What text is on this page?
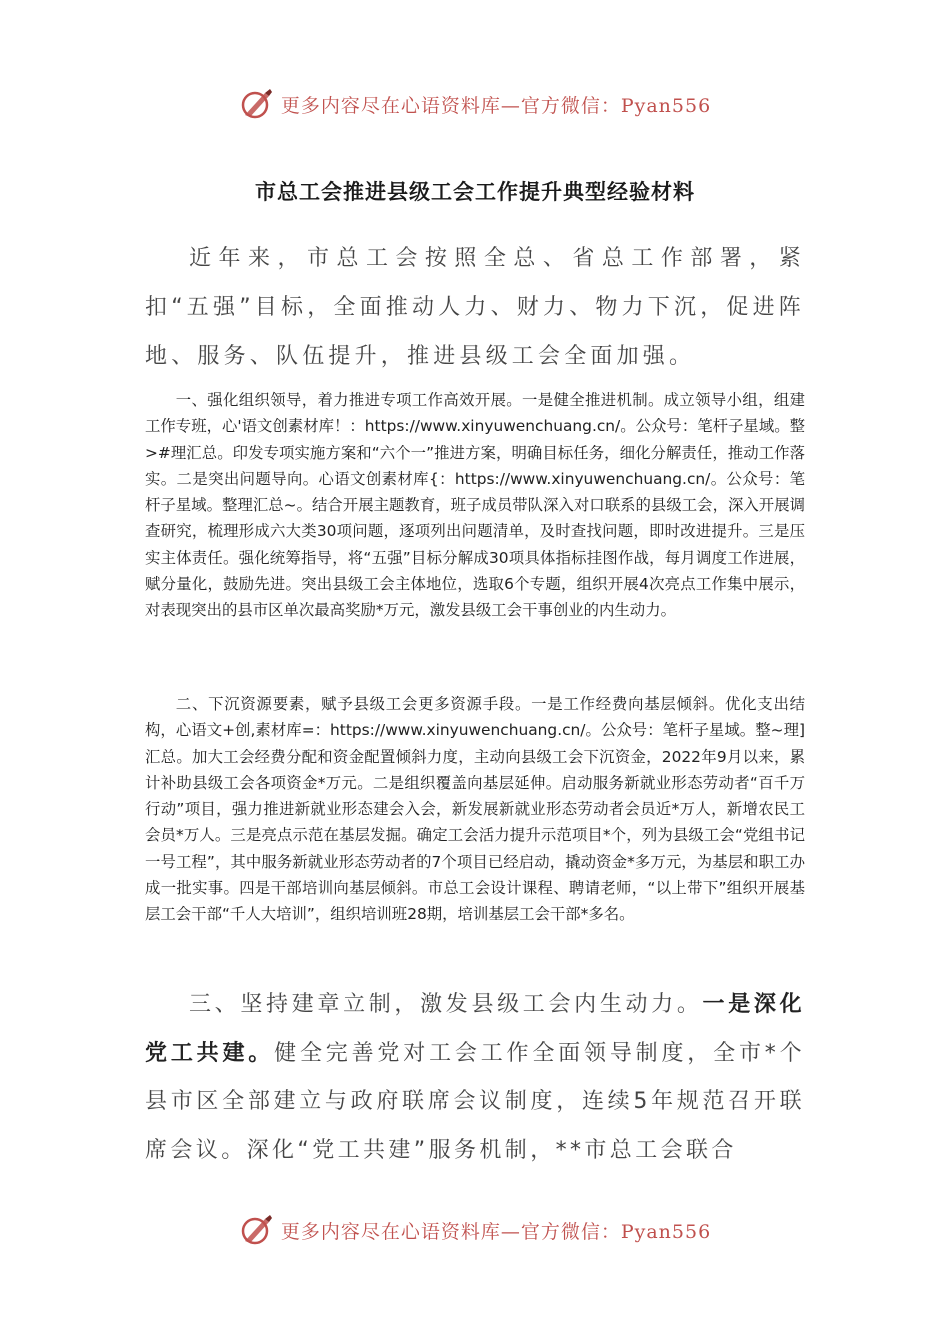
更多内容尽在心语资料库—官方微信：Pyan556
市总工会推进县级工会工作提升典型经验材料

近年来，市总工会按照全总、省总工作部署，紧扣“五强”目标，全面推动人力、财力、物力下沉，促进阵地、服务、队伍提升，推进县级工会全面加强。

一、强化组织领导，着力推进专项工作高效开展。一是健全推进机制。成立领导小组，组建工作专班，心'语文创素材库！：https://www.xinyuwenchuang.cn/。公众号：笔杆子星域。整>#理汇总。印发专项实施方案和“六个一”推进方案，明确目标任务，细化分解责任，推动工作落实。二是突出问题导向。心语文创素材库{：https://www.xinyuwenchuang.cn/。公众号：笔杆子星域。整理汇总~。结合开展主题教育，班子成员带队深入对口联系的县级工会，深入开展调查研究，梳理形成六大类30项问题，逐项列出问题清单，及时查找问题，即时改进提升。三是压实主体责任。强化统筹指导，将“五强”目标分解成30项具体指标挂图作战，每月调度工作进展，赋分量化，鼓励先进。突出县级工会主体地位，选取6个专题，组织开展4次亮点工作集中展示，对表现突出的县市区单次最高奖励*万元，激发县级工会干事创业的内生动力。

二、下沉资源要素，赋予县级工会更多资源手段。一是工作经费向基层倾斜。优化支出结构，心语文+创,素材库=：https://www.xinyuwenchuang.cn/。公众号：笔杆子星域。整~理]汇总。加大工会经费分配和资金配置倾斜力度，主动向县级工会下沉资金，2022年9月以来，累计补助县级工会各项资金*万元。二是组织覆盖向基层延伸。启动服务新就业形态劳动者“百千万行动”项目，强力推进新就业形态建会入会，新发展新就业形态劳动者会员近*万人，新增农民工会员*万人。三是亮点示范在基层发掘。确定工会活力提升示范项目*个，列为县级工会“党组书记一号工程”，其中服务新就业形态劳动者的7个项目已经启动，撬动资金*多万元，为基层和职工办成一批实事。四是干部培训向基层倾斜。市总工会设计课程、聘请老师，“以上带下”组织开展基层工会干部“千人大培训”，组织培训班28期，培训基层工会干部*多名。

三、坚持建章立制，激发县级工会内生动力。一是深化党工共建。健全完善党对工会工作全面领导制度，全市*个县市区全部建立与政府联席会议制度，连续5年规范召开联席会议。深化“党工共建”服务机制，**市总工会联合

更多内容尽在心语资料库—官方微信：Pyan556
